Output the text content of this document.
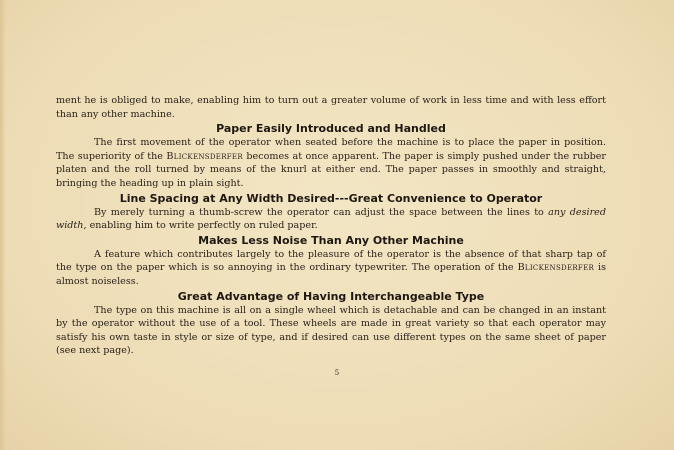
ment he is obliged to make, enabling him to turn out a greater volume of work in less time and with less effort than any other machine.

Paper Easily Introduced and Handled

The first movement of the operator when seated before the machine is to place the paper in position. The superiority of the Blickensderfer becomes at once apparent. The paper is simply pushed under the rubber platen and the roll turned by means of the knurl at either end. The paper passes in smoothly and straight, bringing the heading up in plain sight.

Line Spacing at Any Width Desired---Great Convenience to Operator

By merely turning a thumb-screw the operator can adjust the space between the lines to any desired width, enabling him to write perfectly on ruled paper.

Makes Less Noise Than Any Other Machine

A feature which contributes largely to the pleasure of the operator is the absence of that sharp tap of the type on the paper which is so annoying in the ordinary typewriter. The operation of the Blickensderfer is almost noiseless.

Great Advantage of Having Interchangeable Type

The type on this machine is all on a single wheel which is detachable and can be changed in an instant by the operator without the use of a tool. These wheels are made in great variety so that each operator may satisfy his own taste in style or size of type, and if desired can use different types on the same sheet of paper (see next page).

5
